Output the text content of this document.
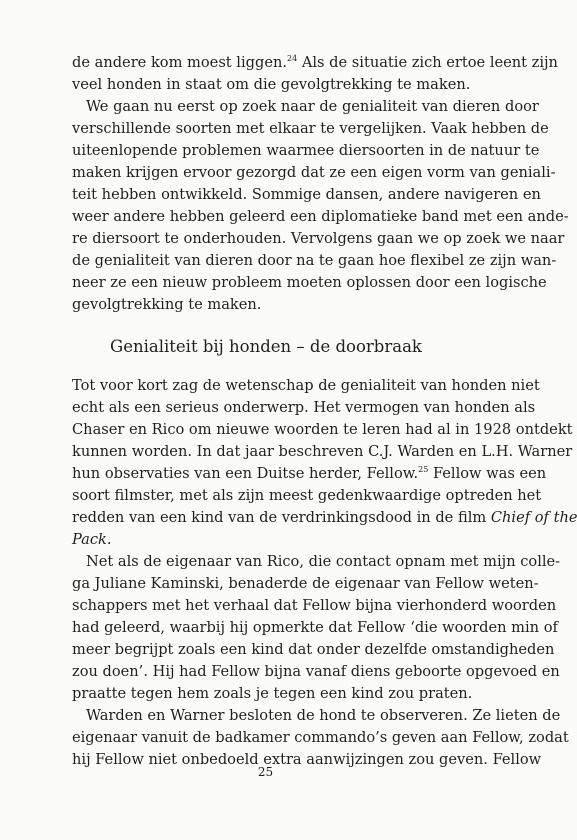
de andere kom moest liggen.$^{24}$ Als de situatie zich ertoe leent zijn
veel honden in staat om die gevolgtrekking te maken.
We gaan nu eerst op zoek naar de genialiteit van dieren door
verschillende soorten met elkaar te vergelijken. Vaak hebben de
uiteenlopende problemen waarmee diersoorten in de natuur te
maken krijgen ervoor gezorgd dat ze een eigen vorm van geniali-
teit hebben ontwikkeld. Sommige dansen, andere navigeren en
weer andere hebben geleerd een diplomatieke band met een ande-
re diersoort te onderhouden. Vervolgens gaan we op zoek we naar
de genialiteit van dieren door na te gaan hoe flexibel ze zijn wan-
neer ze een nieuw probleem moeten oplossen door een logische
gevolgtrekking te maken.
Genialiteit bij honden – de doorbraak
Tot voor kort zag de wetenschap de genialiteit van honden niet
echt als een serieus onderwerp. Het vermogen van honden als
Chaser en Rico om nieuwe woorden te leren had al in 1928 ontdekt
kunnen worden. In dat jaar beschreven C.J. Warden en L.H. Warner
hun observaties van een Duitse herder, Fellow.$^{25}$ Fellow was een
soort filmster, met als zijn meest gedenkwaardige optreden het
redden van een kind van de verdrinkingsdood in de film Chief of the
Pack.
Net als de eigenaar van Rico, die contact opnam met mijn colle-
ga Juliane Kaminski, benaderde de eigenaar van Fellow weten-
schappers met het verhaal dat Fellow bijna vierhonderd woorden
had geleerd, waarbij hij opmerkte dat Fellow ‘die woorden min of
meer begrijpt zoals een kind dat onder dezelfde omstandigheden
zou doen’. Hij had Fellow bijna vanaf diens geboorte opgevoed en
praatte tegen hem zoals je tegen een kind zou praten.
Warden en Warner besloten de hond te observeren. Ze lieten de
eigenaar vanuit de badkamer commando’s geven aan Fellow, zodat
hij Fellow niet onbedoeld extra aanwijzingen zou geven. Fellow
25
